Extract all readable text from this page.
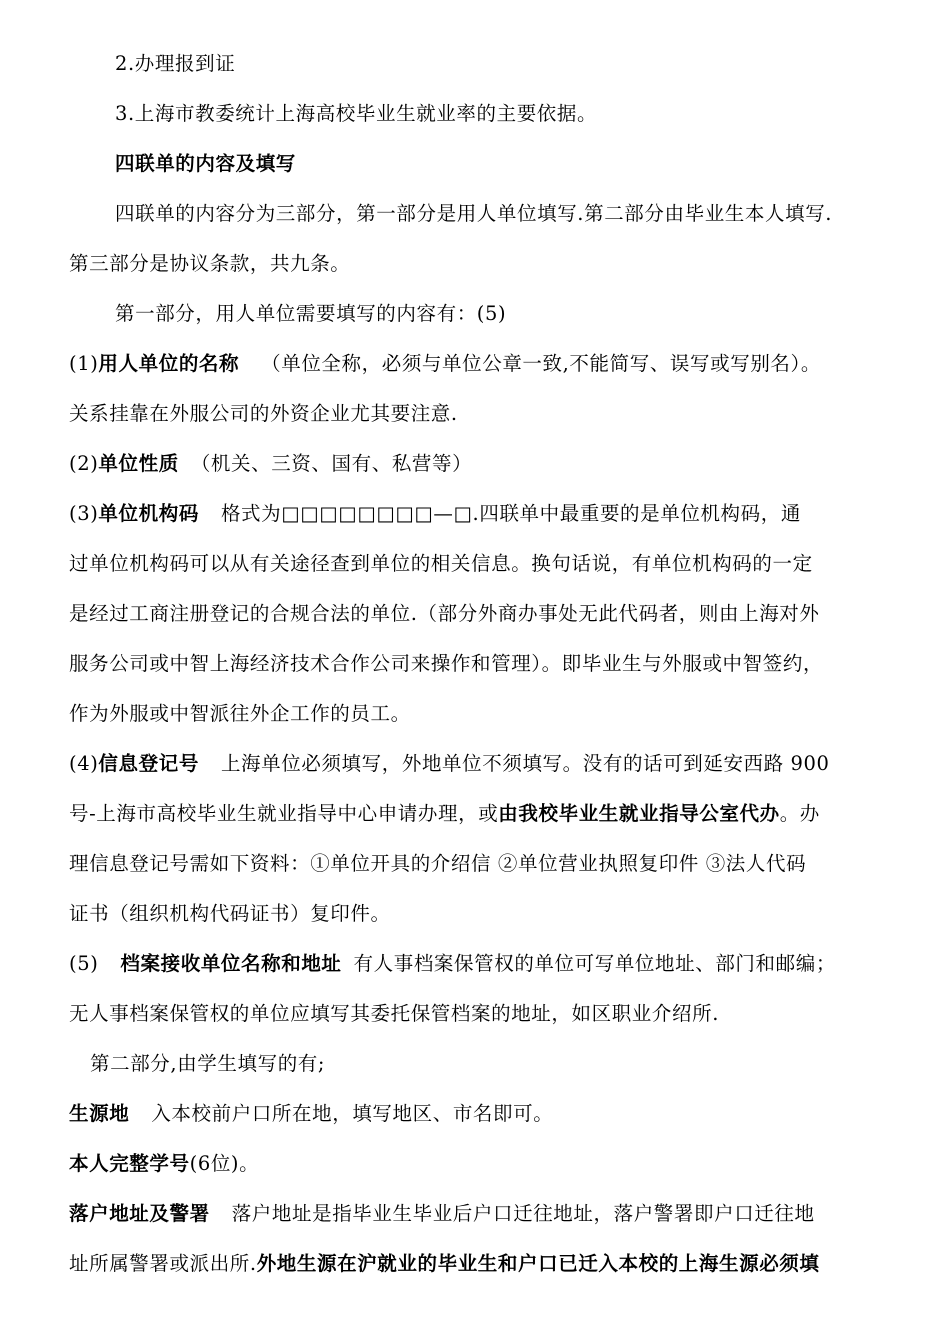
2.办理报到证
3.上海市教委统计上海高校毕业生就业率的主要依据。
四联单的内容及填写
四联单的内容分为三部分，第一部分是用人单位填写.第二部分由毕业生本人填写.
第三部分是协议条款，共九条。
第一部分，用人单位需要填写的内容有：(5)
(1)用人单位的名称 （单位全称，必须与单位公章一致,不能简写、误写或写别名）。
关系挂靠在外服公司的外资企业尤其要注意.
(2)单位性质 （机关、三资、国有、私营等）
(3)单位机构码 格式为□□□□□□□□—□.四联单中最重要的是单位机构码，通
过单位机构码可以从有关途径查到单位的相关信息。换句话说，有单位机构码的一定
是经过工商注册登记的合规合法的单位.（部分外商办事处无此代码者，则由上海对外
服务公司或中智上海经济技术合作公司来操作和管理）。即毕业生与外服或中智签约，
作为外服或中智派往外企工作的员工。
(4)信息登记号 上海单位必须填写，外地单位不须填写。没有的话可到延安西路 900
号-上海市高校毕业生就业指导中心申请办理，或由我校毕业生就业指导公室代办。办
理信息登记号需如下资料：①单位开具的介绍信 ②单位营业执照复印件 ③法人代码
证书（组织机构代码证书）复印件。
(5) 档案接收单位名称和地址 有人事档案保管权的单位可写单位地址、部门和邮编；
无人事档案保管权的单位应填写其委托保管档案的地址，如区职业介绍所.
第二部分,由学生填写的有;
生源地 入本校前户口所在地，填写地区、市名即可。
本人完整学号(6位)。
落户地址及警署 落户地址是指毕业生毕业后户口迁往地址，落户警署即户口迁往地
址所属警署或派出所.外地生源在沪就业的毕业生和户口已迁入本校的上海生源必须填
